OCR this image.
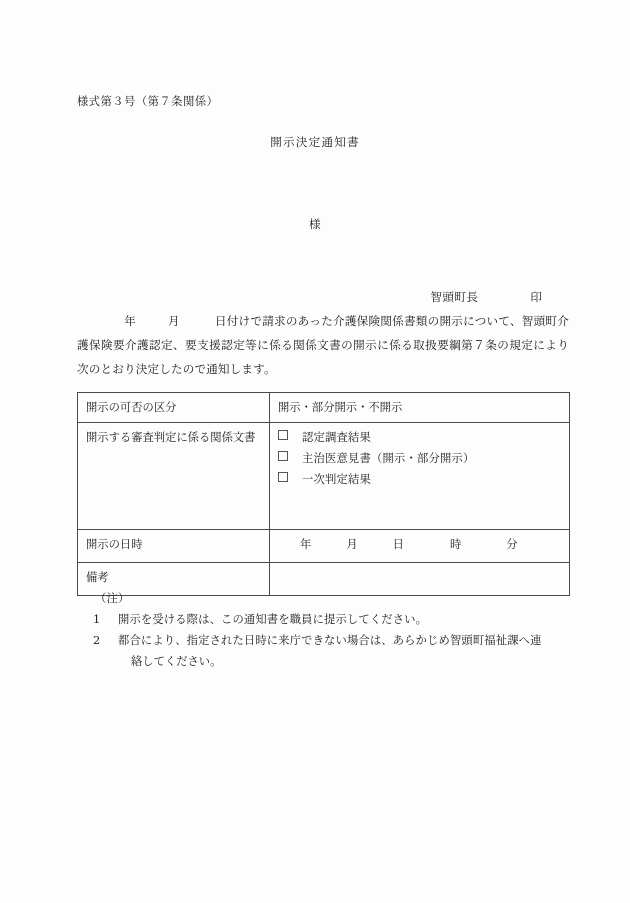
様式第３号（第７条関係）
開示決定通知書
様

智頭町長	印

年	月	日付けで請求のあった介護保険関係書類の開示について、智頭町介護保険要介護認定、要支援認定等に係る関係文書の開示に係る取扱要綱第７条の規定により次のとおり決定したので通知します。
開示の可否の区分	開示・部分開示・不開示
開示する審査判定に係る関係文書	認定調査結果
主治医意見書（開示・部分開示）
一次判定結果

開示の日時	年 月 日 時 分

備考	
（注）
1	開示を受ける際は、この通知書を職員に提示してください。
2	都合により、指定された日時に来庁できない場合は、あらかじめ智頭町福祉課へ連
絡してください。
